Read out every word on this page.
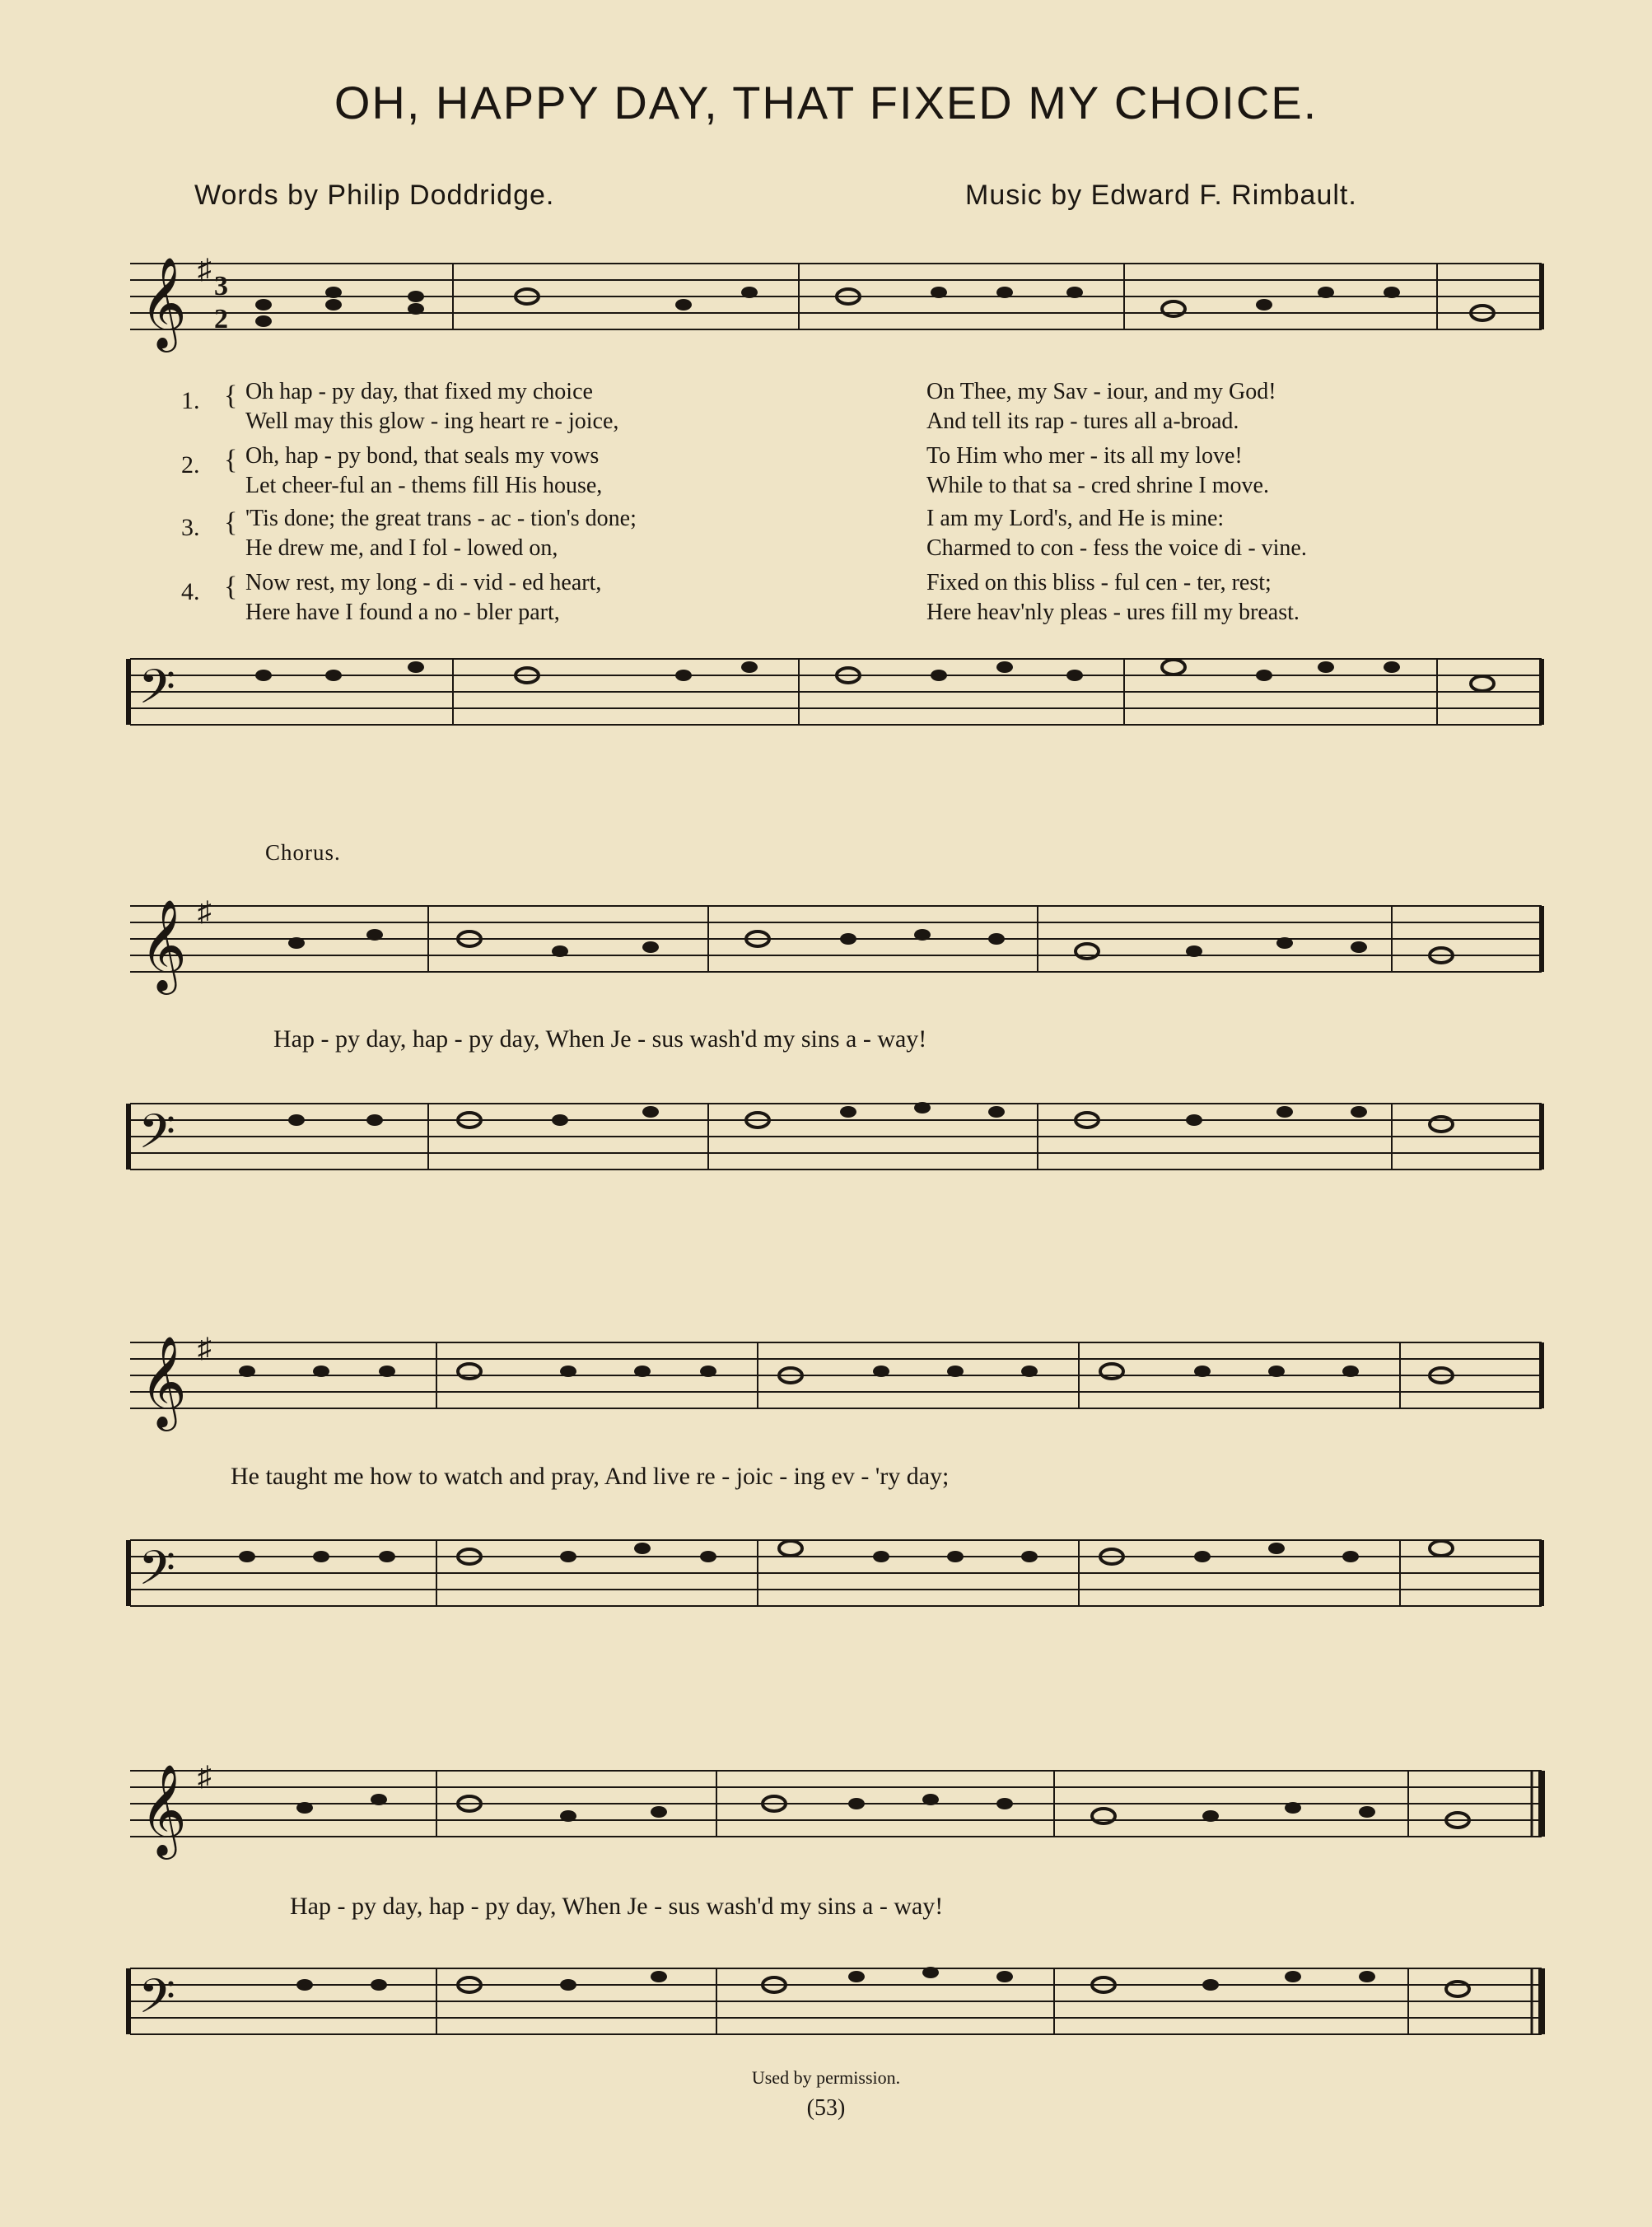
OH, HAPPY DAY, THAT FIXED MY CHOICE.
Words by Philip Doddridge.	Music by Edward F. Rimbault.
𝄞 ♯
3
2
1. { Oh hap - py day, that fixed my choice	On Thee, my Sav - iour, and my God!
Well may this glow - ing heart re - joice,	And tell its rap - tures all a-broad.
2. { Oh, hap - py bond, that seals my vows	To Him who mer - its all my love!
Let cheer-ful an - thems fill His house,	While to that sa - cred shrine I move.
3. { 'Tis done; the great trans - ac - tion's done;	I am my Lord's, and He is mine:
He drew me, and I fol - lowed on,	Charmed to con - fess the voice di - vine.
4. { Now rest, my long - di - vid - ed heart,	Fixed on this bliss - ful cen - ter, rest;
Here have I found a no - bler part,	Here heav'nly pleas - ures fill my breast.
𝄢
Chorus.
𝄞 ♯
Hap - py day, hap - py day, When Je - sus wash'd my sins a - way!
𝄢
𝄞 ♯
He taught me how to watch and pray, And live re - joic - ing ev - 'ry day;
𝄢
𝄞 ♯
Hap - py day, hap - py day, When Je - sus wash'd my sins a - way!
𝄢
Used by permission.
(53)
